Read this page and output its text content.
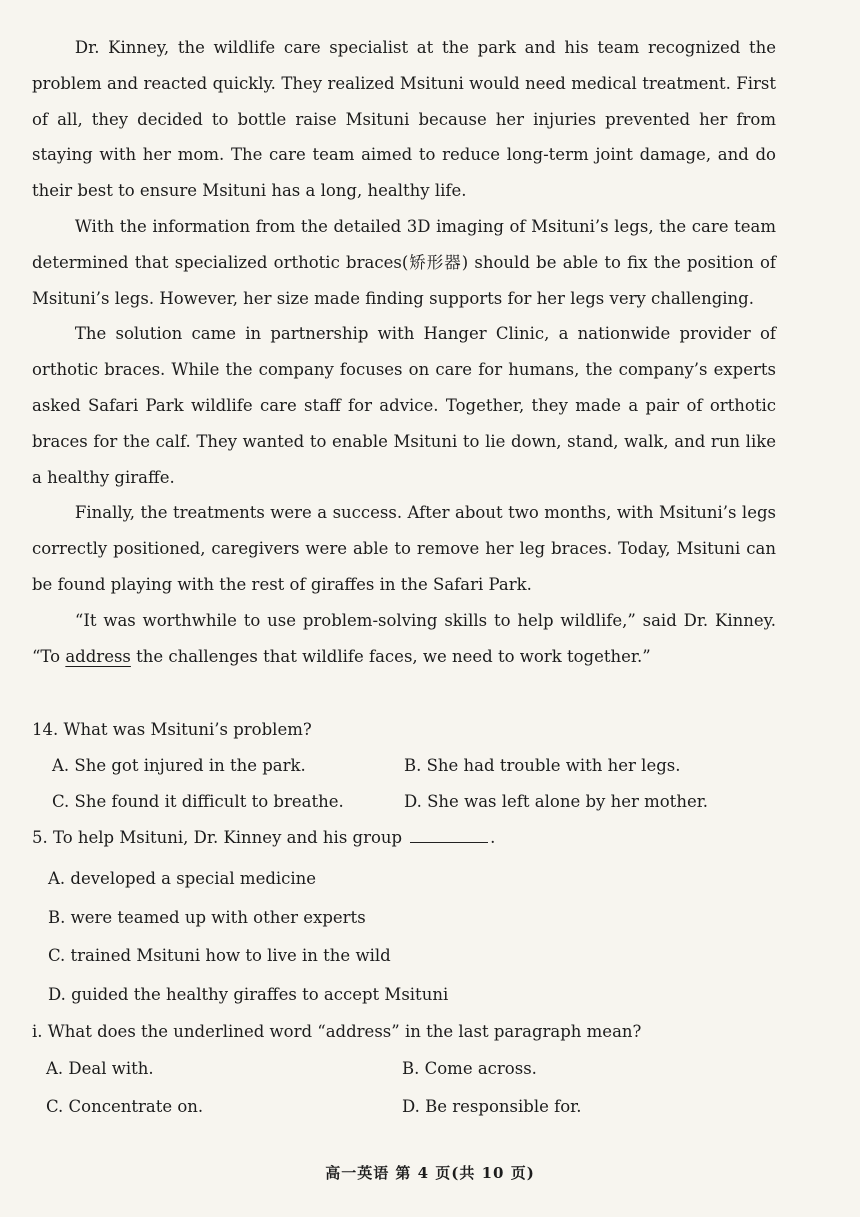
Dr. Kinney, the wildlife care specialist at the park and his team recognized the problem and reacted quickly. They realized Msituni would need medical treatment. First of all, they decided to bottle raise Msituni because her injuries prevented her from staying with her mom. The care team aimed to reduce long-term joint damage, and do their best to ensure Msituni has a long, healthy life.

With the information from the detailed 3D imaging of Msituni’s legs, the care team determined that specialized orthotic braces(矫形器) should be able to fix the position of Msituni’s legs. However, her size made finding supports for her legs very challenging.

The solution came in partnership with Hanger Clinic, a nationwide provider of orthotic braces. While the company focuses on care for humans, the company’s experts asked Safari Park wildlife care staff for advice. Together, they made a pair of orthotic braces for the calf. They wanted to enable Msituni to lie down, stand, walk, and run like a healthy giraffe.

Finally, the treatments were a success. After about two months, with Msituni’s legs correctly positioned, caregivers were able to remove her leg braces. Today, Msituni can be found playing with the rest of giraffes in the Safari Park.

“It was worthwhile to use problem-solving skills to help wildlife,” said Dr. Kinney. “To address the challenges that wildlife faces, we need to work together.”

14. What was Msituni’s problem?

A. She got injured in the park.	B. She had trouble with her legs.
C. She found it difficult to breathe.	D. She was left alone by her mother.

5. To help Msituni, Dr. Kinney and his group	.

A. developed a special medicine
B. were teamed up with other experts
C. trained Msituni how to live in the wild
D. guided the healthy giraffes to accept Msituni

i. What does the underlined word “address” in the last paragraph mean?

A. Deal with.	B. Come across.
C. Concentrate on.	D. Be responsible for.
高一英语 第 4 页(共 10 页)
